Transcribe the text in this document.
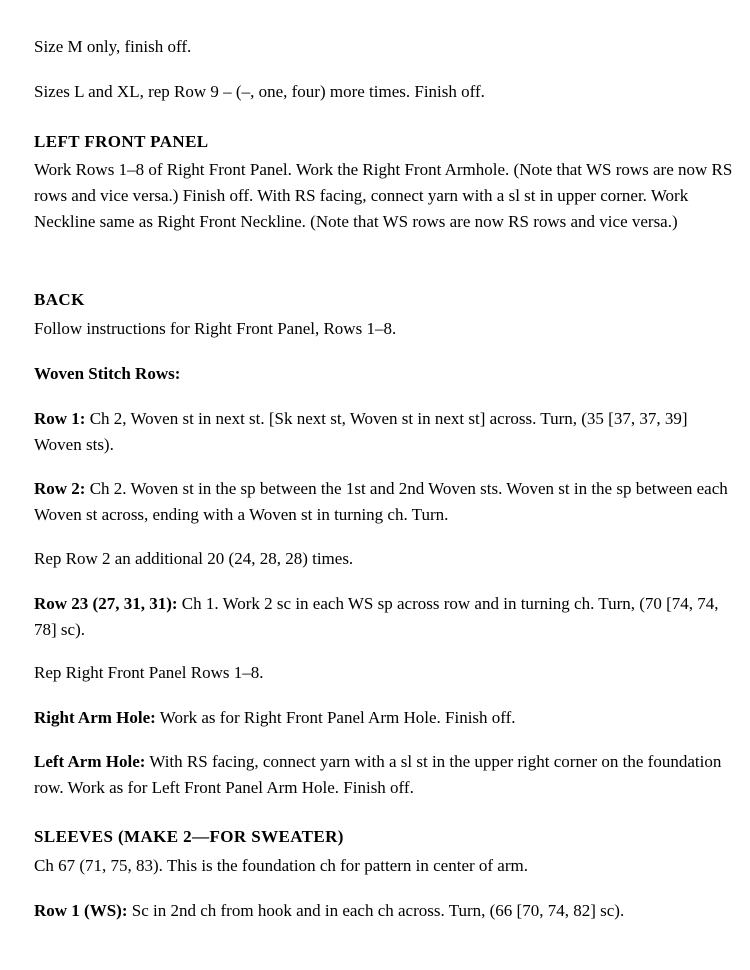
Size M only, finish off.

Sizes L and XL, rep Row 9 – (–, one, four) more times. Finish off.

LEFT FRONT PANEL

Work Rows 1–8 of Right Front Panel. Work the Right Front Armhole. (Note that WS rows are now RS rows and vice versa.) Finish off. With RS facing, connect yarn with a sl st in upper corner. Work Neckline same as Right Front Neckline. (Note that WS rows are now RS rows and vice versa.)

BACK

Follow instructions for Right Front Panel, Rows 1–8.

Woven Stitch Rows:

Row 1: Ch 2, Woven st in next st. [Sk next st, Woven st in next st] across. Turn, (35 [37, 37, 39] Woven sts).

Row 2: Ch 2. Woven st in the sp between the 1st and 2nd Woven sts. Woven st in the sp between each Woven st across, ending with a Woven st in turning ch. Turn.

Rep Row 2 an additional 20 (24, 28, 28) times.

Row 23 (27, 31, 31): Ch 1. Work 2 sc in each WS sp across row and in turning ch. Turn, (70 [74, 74, 78] sc).

Rep Right Front Panel Rows 1–8.

Right Arm Hole: Work as for Right Front Panel Arm Hole. Finish off.

Left Arm Hole: With RS facing, connect yarn with a sl st in the upper right corner on the foundation row. Work as for Left Front Panel Arm Hole. Finish off.

SLEEVES (MAKE 2—FOR SWEATER)

Ch 67 (71, 75, 83). This is the foundation ch for pattern in center of arm.

Row 1 (WS): Sc in 2nd ch from hook and in each ch across. Turn, (66 [70, 74, 82] sc).
